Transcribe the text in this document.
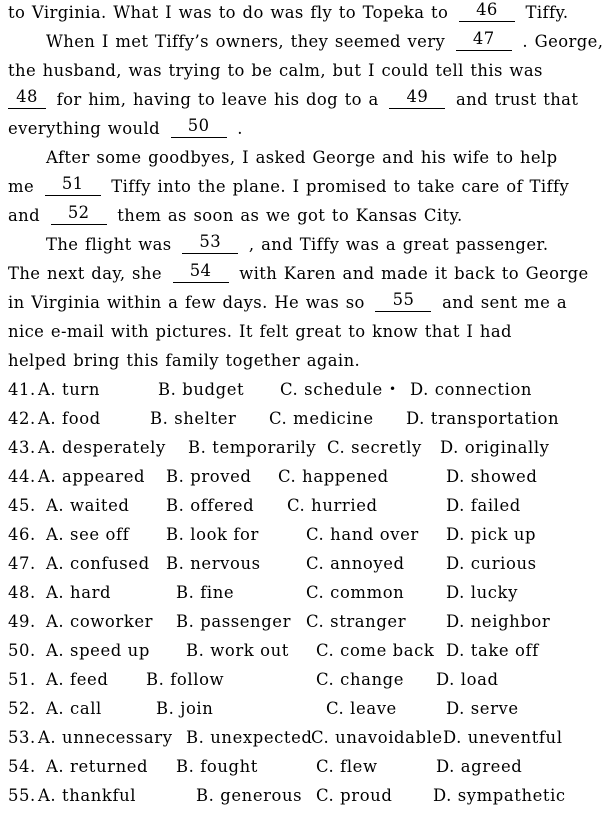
to Virginia. What I was to do was fly to Topeka to 46 Tiffy.
When I met Tiffy’s owners, they seemed very 47 . George,
the husband, was trying to be calm, but I could tell this was
48 for him, having to leave his dog to a 49 and trust that
everything would 50 .
After some goodbyes, I asked George and his wife to help
me 51 Tiffy into the plane. I promised to take care of Tiffy
and 52 them as soon as we got to Kansas City.
The flight was 53 , and Tiffy was a great passenger.
The next day, she 54 with Karen and made it back to George
in Virginia within a few days. He was so 55 and sent me a
nice e-mail with pictures. It felt great to know that I had
helped bring this family together again.
41. A. turn	B. budget C. schedule • D. connection
42. A. food	B. shelter C. medicine D. transportation
43. A. desperately B. temporarily C. secretly D. originally
44. A. appeared B. proved C. happened	D. showed
45. A. waited B. offered C. hurried	D. failed
46. A. see off B. look for	C. hand over D. pick up
47. A. confused B. nervous	C. annoyed	D. curious
48. A. hard	B. fine	C. common	D. lucky
49. A. coworker B. passenger C. stranger D. neighbor
50. A. speed up B. work out C. come back D. take off
51. A. feed B. follow	C. change D. load
52. A. call	B. join	C. leave	D. serve
53. A. unnecessary B. unexpected
C. unavoidable D. uneventful
54. A. returned B. fought	C. flew	D. agreed
55. A. thankful	B. generous C. proud D. sympathetic
